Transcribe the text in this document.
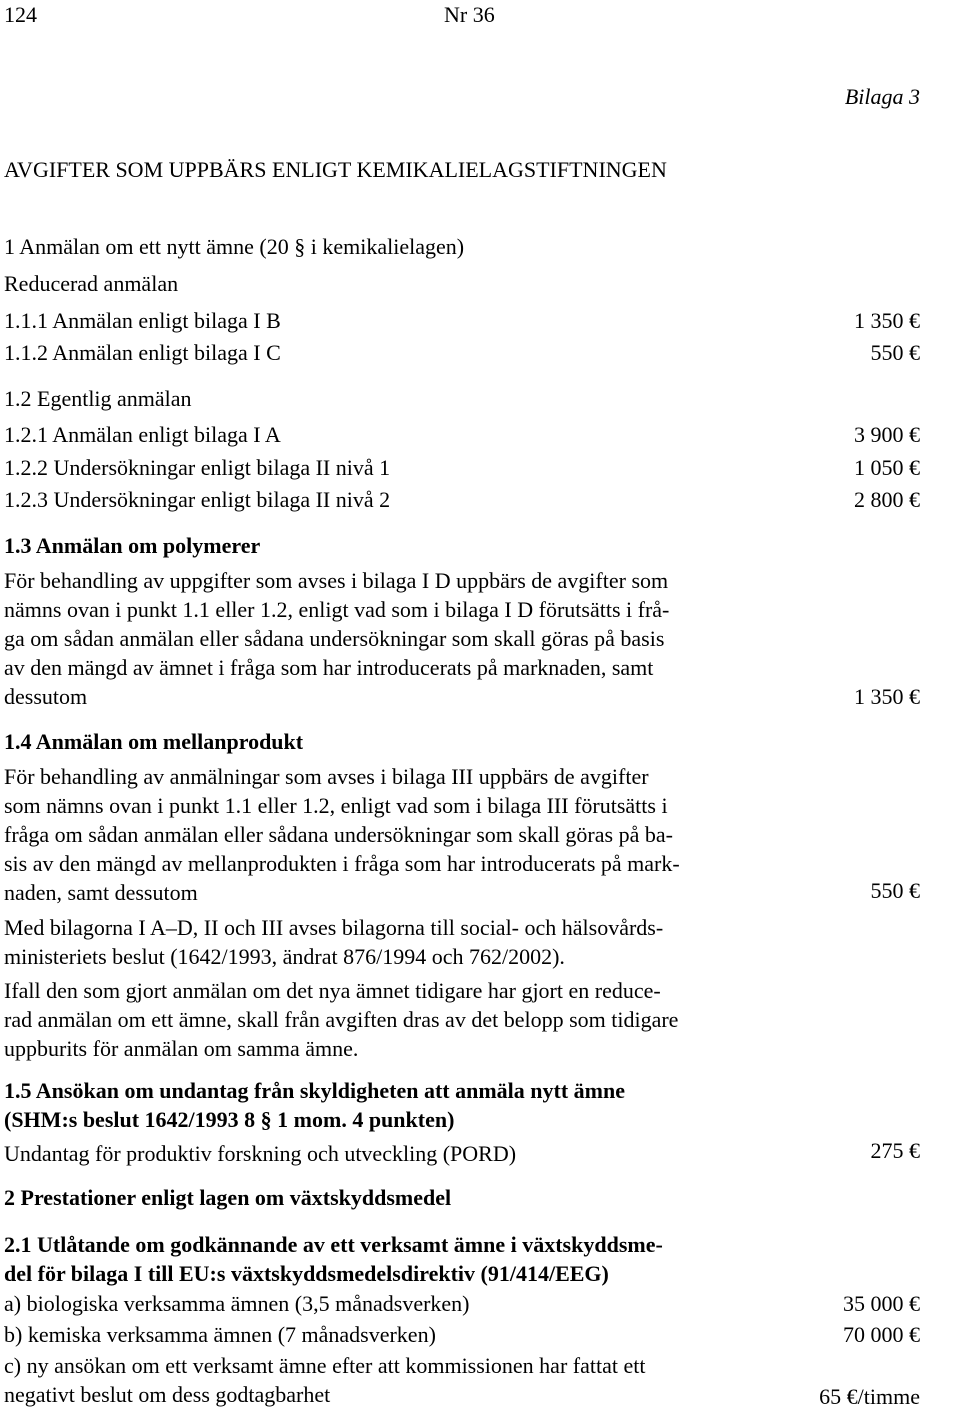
124	Nr 36
Bilaga 3
AVGIFTER SOM UPPBÄRS ENLIGT KEMIKALIELAGSTIFTNINGEN
1 Anmälan om ett nytt ämne (20 § i kemikalielagen)
Reducerad anmälan
1.1.1 Anmälan enligt bilaga I B	1 350 €
1.1.2 Anmälan enligt bilaga I C	550 €
1.2 Egentlig anmälan
1.2.1 Anmälan enligt bilaga I A	3 900 €
1.2.2 Undersökningar enligt bilaga II nivå 1	1 050 €
1.2.3 Undersökningar enligt bilaga II nivå 2	2 800 €
1.3 Anmälan om polymerer
För behandling av uppgifter som avses i bilaga I D uppbärs de avgifter som
nämns ovan i punkt 1.1 eller 1.2, enligt vad som i bilaga I D förutsätts i frå-
ga om sådan anmälan eller sådana undersökningar som skall göras på basis
av den mängd av ämnet i fråga som har introducerats på marknaden, samt
dessutom	1 350 €
1.4 Anmälan om mellanprodukt
För behandling av anmälningar som avses i bilaga III uppbärs de avgifter
som nämns ovan i punkt 1.1 eller 1.2, enligt vad som i bilaga III förutsätts i
fråga om sådan anmälan eller sådana undersökningar som skall göras på ba-
sis av den mängd av mellanprodukten i fråga som har introducerats på mark-
naden, samt dessutom	550 €
Med bilagorna I A–D, II och III avses bilagorna till social- och hälsovårds-
ministeriets beslut (1642/1993, ändrat 876/1994 och 762/2002).
Ifall den som gjort anmälan om det nya ämnet tidigare har gjort en reduce-
rad anmälan om ett ämne, skall från avgiften dras av det belopp som tidigare
uppburits för anmälan om samma ämne.
1.5 Ansökan om undantag från skyldigheten att anmäla nytt ämne
(SHM:s beslut 1642/1993 8 § 1 mom. 4 punkten)
Undantag för produktiv forskning och utveckling (PORD)	275 €
2 Prestationer enligt lagen om växtskyddsmedel
2.1 Utlåtande om godkännande av ett verksamt ämne i växtskyddsme-
del för bilaga I till EU:s växtskyddsmedelsdirektiv (91/414/EEG)
a) biologiska verksamma ämnen (3,5 månadsverken)	35 000 €
b) kemiska verksamma ämnen (7 månadsverken)	70 000 €
c) ny ansökan om ett verksamt ämne efter att kommissionen har fattat ett
negativt beslut om dess godtagbarhet	65 €/timme
